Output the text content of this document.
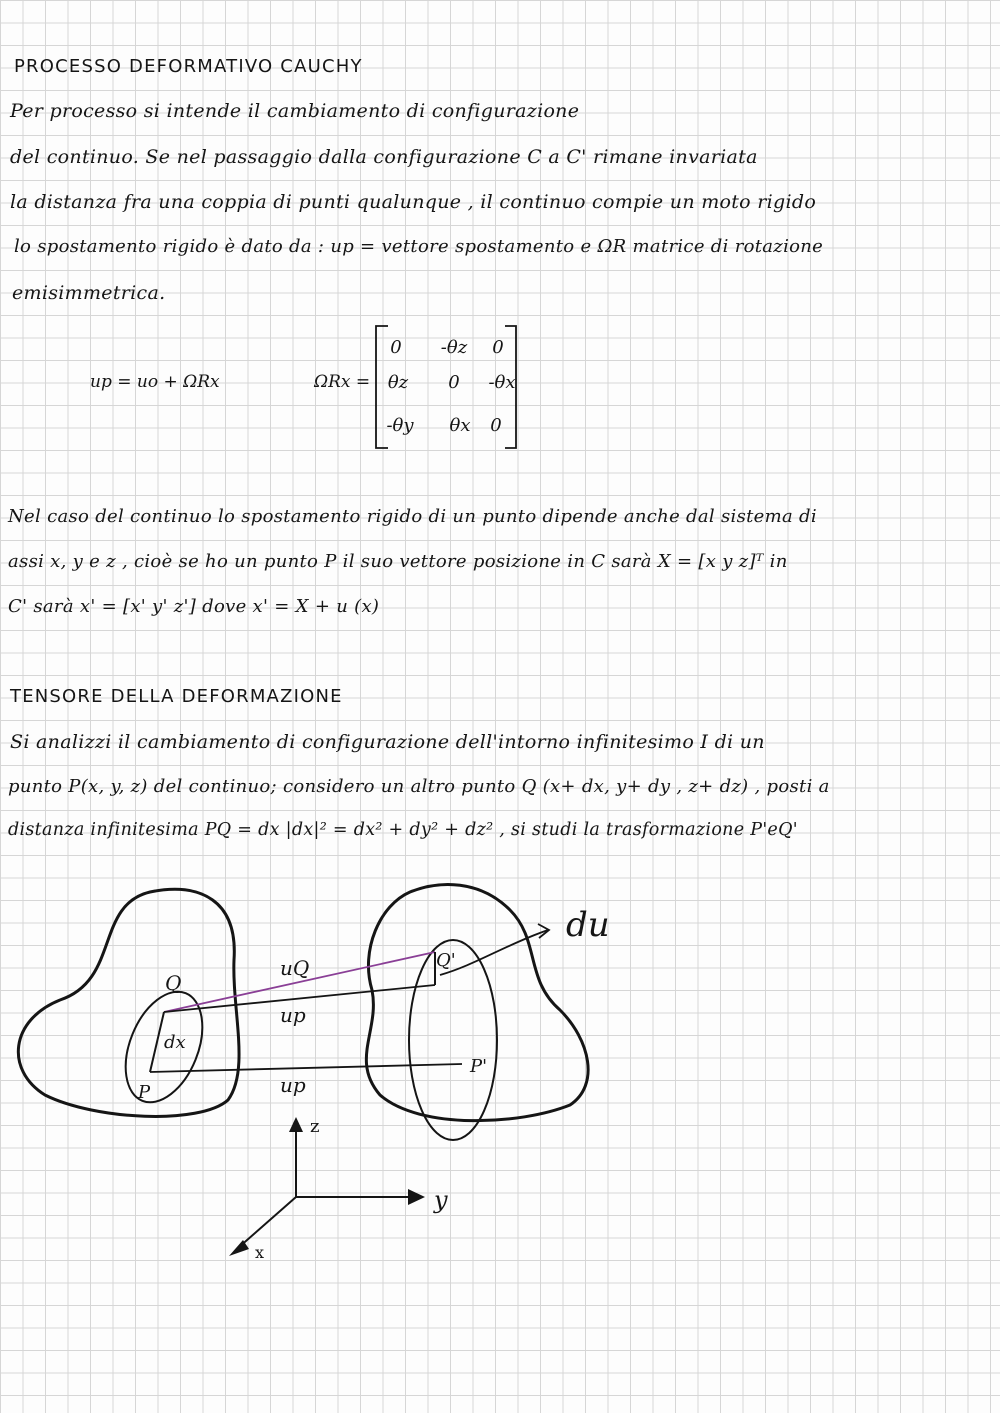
PROCESSO DEFORMATIVO CAUCHY
Per processo si intende il cambiamento di configurazione
del continuo. Se nel passaggio dalla configurazione C a C' rimane invariata
la distanza fra una coppia di punti qualunque , il continuo compie un moto rigido
lo spostamento rigido è dato da : up = vettore spostamento e ΩR matrice di rotazione
emisimmetrica.
up = uo + ΩRx	ΩRx =
0	-θz	0
θz	0	-θx
-θy	θx	0
Nel caso del continuo lo spostamento rigido di un punto dipende anche dal sistema di
assi x, y e z , cioè se ho un punto P il suo vettore posizione in C sarà X = [x y z]ᵀ in
C' sarà x' = [x' y' z'] dove x' = X + u (x)
TENSORE DELLA DEFORMAZIONE
Si analizzi il cambiamento di configurazione dell'intorno infinitesimo I di un
punto P(x, y, z) del continuo; considero un altro punto Q (x+ dx, y+ dy , z+ dz) , posti a
distanza infinitesima PQ = dx |dx|² = dx² + dy² + dz² , si studi la trasformazione P'eQ'
Q
dx
P
uQ
up
up
Q'
P'
du
z
y
x
